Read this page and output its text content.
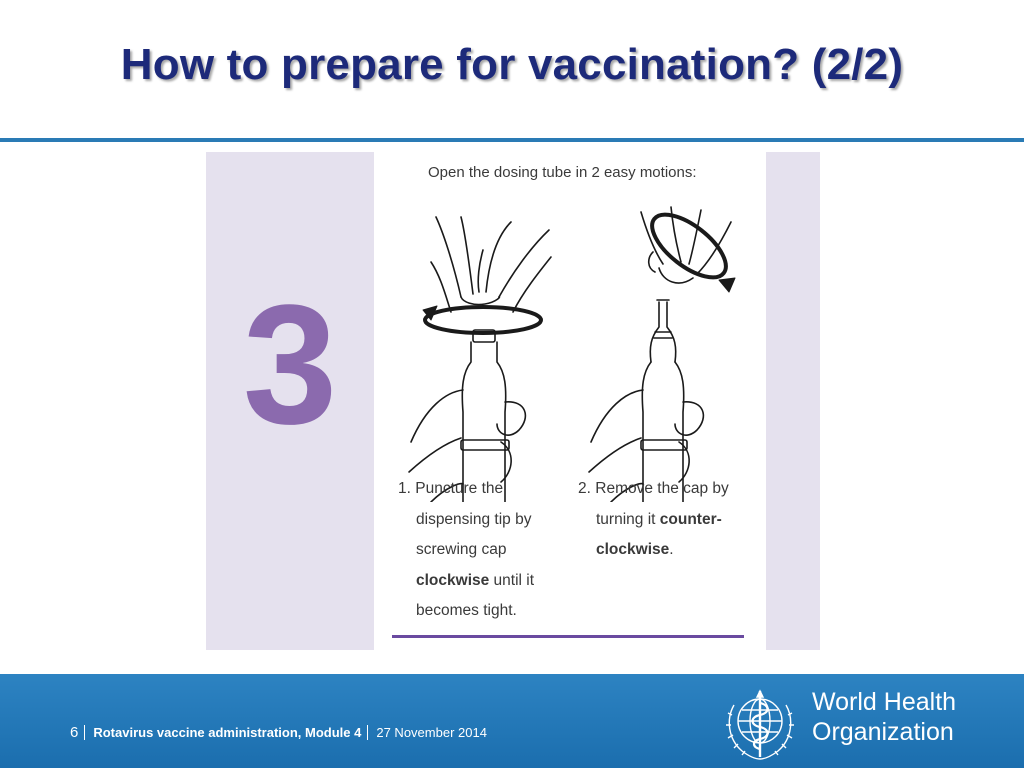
How to prepare for vaccination? (2/2)
3
Open the dosing tube in 2 easy motions:
1. Puncture the
dispensing tip by
screwing cap
clockwise until it
becomes tight.
2. Remove the cap by
turning it counter-
clockwise.
6 Rotavirus vaccine administration, Module 4 27 November 2014
World Health
Organization
